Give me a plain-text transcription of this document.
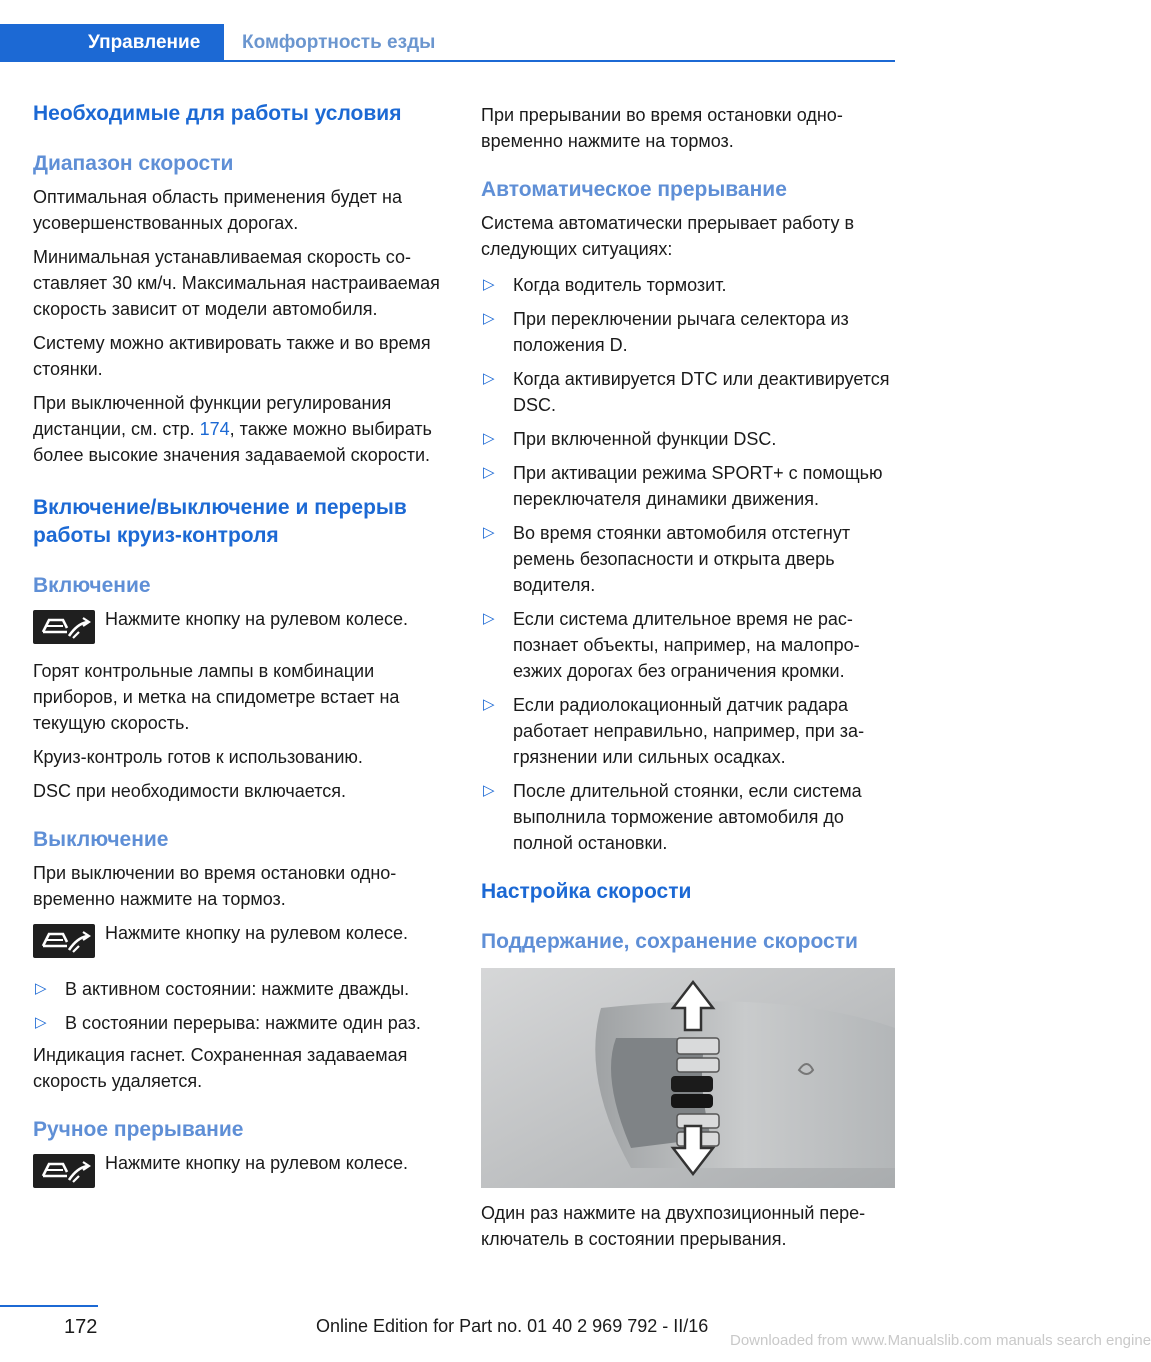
Управление Комфортность езды
Необходимые для работы условия
Диапазон скорости

Оптимальная область применения будет на усовершенствованных дорогах.

Минимальная устанавливаемая скорость составляет 30 км/ч. Максимальная настраиваемая скорость зависит от модели автомобиля.

Систему можно активировать также и во время стоянки.

При выключенной функции регулирования дистанции, см. стр. 174, также можно выбирать более высокие значения задаваемой скорости.

Включение/выключение и перерыв работы круиз-контроля
Включение
Нажмите кнопку на рулевом колесе.

Горят контрольные лампы в комбинации приборов, и метка на спидометре встает на текущую скорость.

Круиз-контроль готов к использованию.

DSC при необходимости включается.

Выключение

При выключении во время остановки одновременно нажмите на тормоз.

Нажмите кнопку на рулевом колесе.
▷ В активном состоянии: нажмите дважды.
▷ В состоянии перерыва: нажмите один раз.

Индикация гаснет. Сохраненная задаваемая скорость удаляется.

Ручное прерывание
Нажмите кнопку на рулевом колесе.

При прерывании во время остановки одновременно нажмите на тормоз.

Автоматическое прерывание

Система автоматически прерывает работу в следующих ситуациях:

▷ Когда водитель тормозит.
▷ При переключении рычага селектора из положения D.
▷ Когда активируется DTC или деактивируется DSC.
▷ При включенной функции DSC.
▷ При активации режима SPORT+ с помощью переключателя динамики движения.
▷ Во время стоянки автомобиля отстегнут ремень безопасности и открыта дверь водителя.
▷ Если система длительное время не распознает объекты, например, на малопроезжих дорогах без ограничения кромки.
▷ Если радиолокационный датчик радара работает неправильно, например, при загрязнении или сильных осадках.
▷ После длительной стоянки, если система выполнила торможение автомобиля до полной остановки.
Настройка скорости
Поддержание, сохранение скорости

Один раз нажмите на двухпозиционный переключатель в состоянии прерывания.

172	Online Edition for Part no. 01 40 2 969 792 - II/16
Downloaded from www.Manualslib.com manuals search engine
